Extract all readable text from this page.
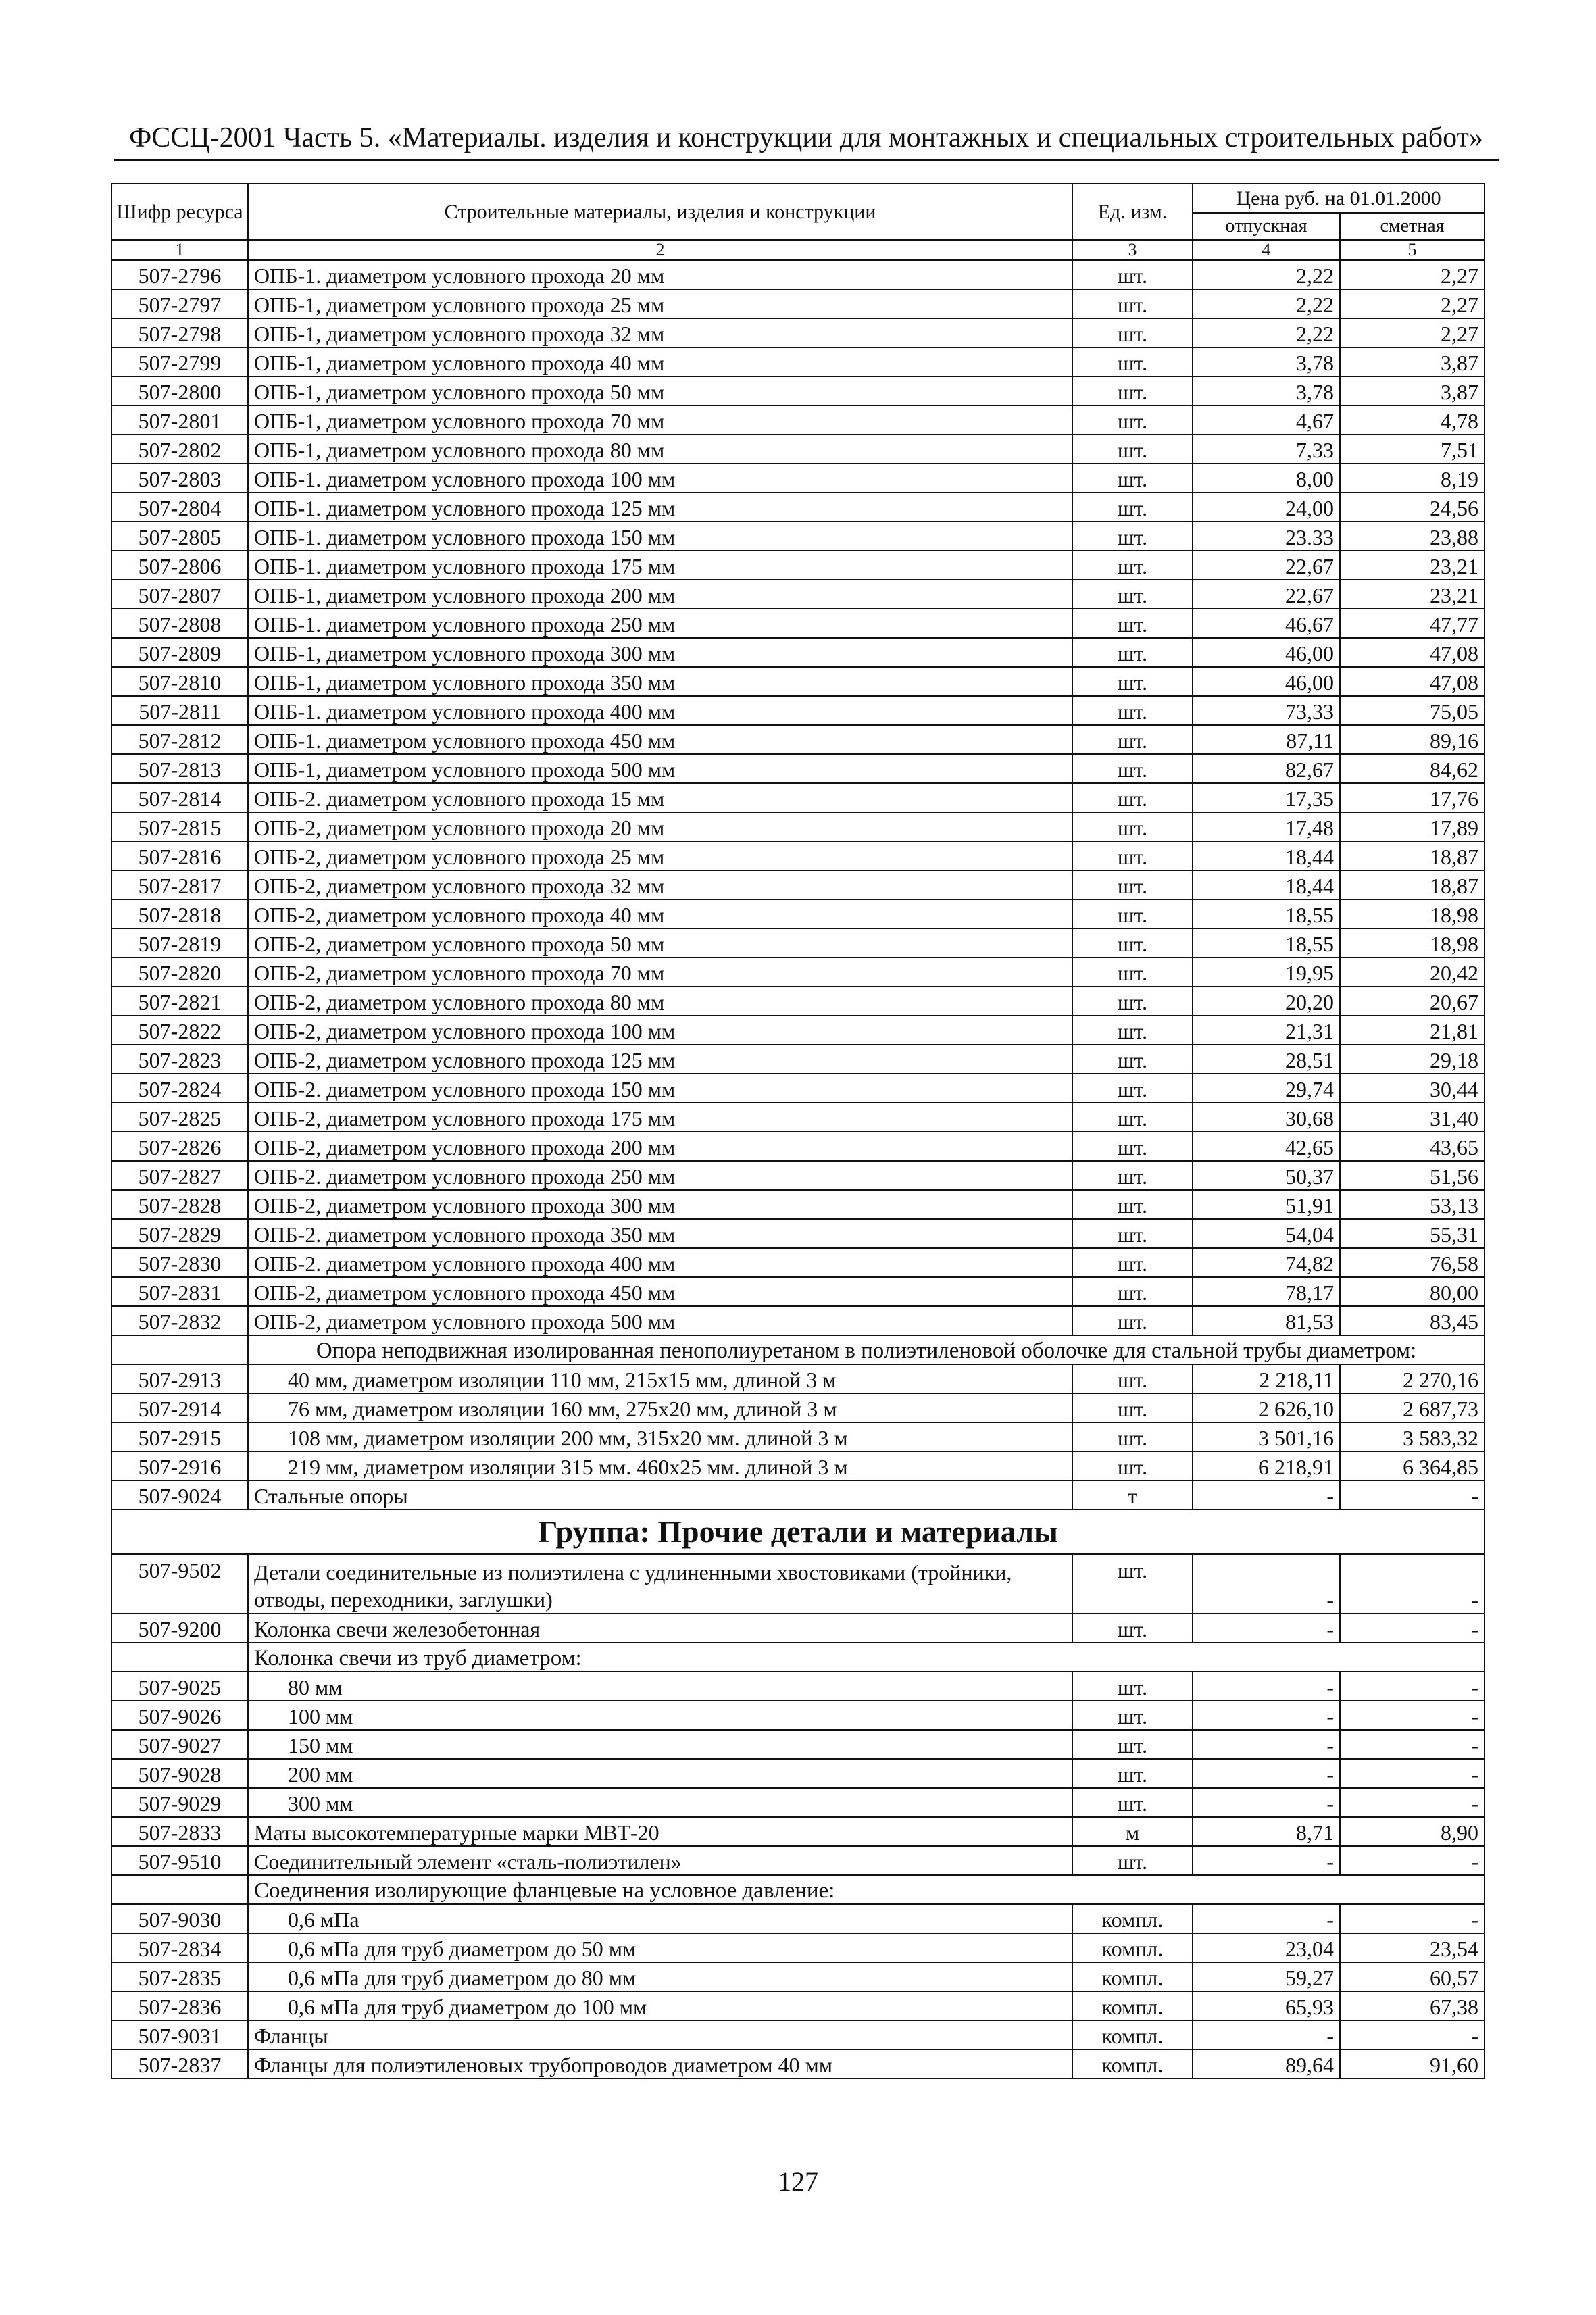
ФССЦ-2001 Часть 5. «Материалы. изделия и конструкции для монтажных и специальных строительных работ»
Шифр ресурса	Строительные материалы, изделия и конструкции	Ед. изм.	Цена руб. на 01.01.2000	
			отпускная	сметная
1	2	3	4	5
507-2796	ОПБ-1. диаметром условного прохода 20 мм	шт.	2,22	2,27
507-2797	ОПБ-1, диаметром условного прохода 25 мм	шт.	2,22	2,27
507-2798	ОПБ-1, диаметром условного прохода 32 мм	шт.	2,22	2,27
507-2799	ОПБ-1, диаметром условного прохода 40 мм	шт.	3,78	3,87
507-2800	ОПБ-1, диаметром условного прохода 50 мм	шт.	3,78	3,87
507-2801	ОПБ-1, диаметром условного прохода 70 мм	шт.	4,67	4,78
507-2802	ОПБ-1, диаметром условного прохода 80 мм	шт.	7,33	7,51
507-2803	ОПБ-1. диаметром условного прохода 100 мм	шт.	8,00	8,19
507-2804	ОПБ-1. диаметром условного прохода 125 мм	шт.	24,00	24,56
507-2805	ОПБ-1. диаметром условного прохода 150 мм	шт.	23.33	23,88
507-2806	ОПБ-1. диаметром условного прохода 175 мм	шт.	22,67	23,21
507-2807	ОПБ-1, диаметром условного прохода 200 мм	шт.	22,67	23,21
507-2808	ОПБ-1. диаметром условного прохода 250 мм	шт.	46,67	47,77
507-2809	ОПБ-1, диаметром условного прохода 300 мм	шт.	46,00	47,08
507-2810	ОПБ-1, диаметром условного прохода 350 мм	шт.	46,00	47,08
507-2811	ОПБ-1. диаметром условного прохода 400 мм	шт.	73,33	75,05
507-2812	ОПБ-1. диаметром условного прохода 450 мм	шт.	87,11	89,16
507-2813	ОПБ-1, диаметром условного прохода 500 мм	шт.	82,67	84,62
507-2814	ОПБ-2. диаметром условного прохода 15 мм	шт.	17,35	17,76
507-2815	ОПБ-2, диаметром условного прохода 20 мм	шт.	17,48	17,89
507-2816	ОПБ-2, диаметром условного прохода 25 мм	шт.	18,44	18,87
507-2817	ОПБ-2, диаметром условного прохода 32 мм	шт.	18,44	18,87
507-2818	ОПБ-2, диаметром условного прохода 40 мм	шт.	18,55	18,98
507-2819	ОПБ-2, диаметром условного прохода 50 мм	шт.	18,55	18,98
507-2820	ОПБ-2, диаметром условного прохода 70 мм	шт.	19,95	20,42
507-2821	ОПБ-2, диаметром условного прохода 80 мм	шт.	20,20	20,67
507-2822	ОПБ-2, диаметром условного прохода 100 мм	шт.	21,31	21,81
507-2823	ОПБ-2, диаметром условного прохода 125 мм	шт.	28,51	29,18
507-2824	ОПБ-2. диаметром условного прохода 150 мм	шт.	29,74	30,44
507-2825	ОПБ-2, диаметром условного прохода 175 мм	шт.	30,68	31,40
507-2826	ОПБ-2, диаметром условного прохода 200 мм	шт.	42,65	43,65
507-2827	ОПБ-2. диаметром условного прохода 250 мм	шт.	50,37	51,56
507-2828	ОПБ-2, диаметром условного прохода 300 мм	шт.	51,91	53,13
507-2829	ОПБ-2. диаметром условного прохода 350 мм	шт.	54,04	55,31
507-2830	ОПБ-2. диаметром условного прохода 400 мм	шт.	74,82	76,58
507-2831	ОПБ-2, диаметром условного прохода 450 мм	шт.	78,17	80,00
507-2832	ОПБ-2, диаметром условного прохода 500 мм	шт.	81,53	83,45
	Опора неподвижная изолированная пенополиуретаном в полиэтиленовой оболочке для стальной трубы диаметром:			
507-2913	40 мм, диаметром изоляции 110 мм, 215х15 мм, длиной 3 м	шт.	2 218,11	2 270,16
507-2914	76 мм, диаметром изоляции 160 мм, 275х20 мм, длиной 3 м	шт.	2 626,10	2 687,73
507-2915	108 мм, диаметром изоляции 200 мм, 315х20 мм. длиной 3 м	шт.	3 501,16	3 583,32
507-2916	219 мм, диаметром изоляции 315 мм. 460х25 мм. длиной 3 м	шт.	6 218,91	6 364,85
507-9024	Стальные опоры	т	-	-
Группа: Прочие детали и материалы				
507-9502	Детали соединительные из полиэтилена с удлиненными хвостовиками (тройники, отводы, переходники, заглушки)	шт.	-	-
507-9200	Колонка свечи железобетонная	шт.	-	-
	Колонка свечи из труб диаметром:			
507-9025	80 мм	шт.	-	-
507-9026	100 мм	шт.	-	-
507-9027	150 мм	шт.	-	-
507-9028	200 мм	шт.	-	-
507-9029	300 мм	шт.	-	-
507-2833	Маты высокотемпературные марки МВТ-20	м	8,71	8,90
507-9510	Соединительный элемент «сталь-полиэтилен»	шт.	-	-
	Соединения изолирующие фланцевые на условное давление:			
507-9030	0,6 мПа	компл.	-	-
507-2834	0,6 мПа для труб диаметром до 50 мм	компл.	23,04	23,54
507-2835	0,6 мПа для труб диаметром до 80 мм	компл.	59,27	60,57
507-2836	0,6 мПа для труб диаметром до 100 мм	компл.	65,93	67,38
507-9031	Фланцы	компл.	-	-
507-2837	Фланцы для полиэтиленовых трубопроводов диаметром 40 мм	компл.	89,64	91,60
127
